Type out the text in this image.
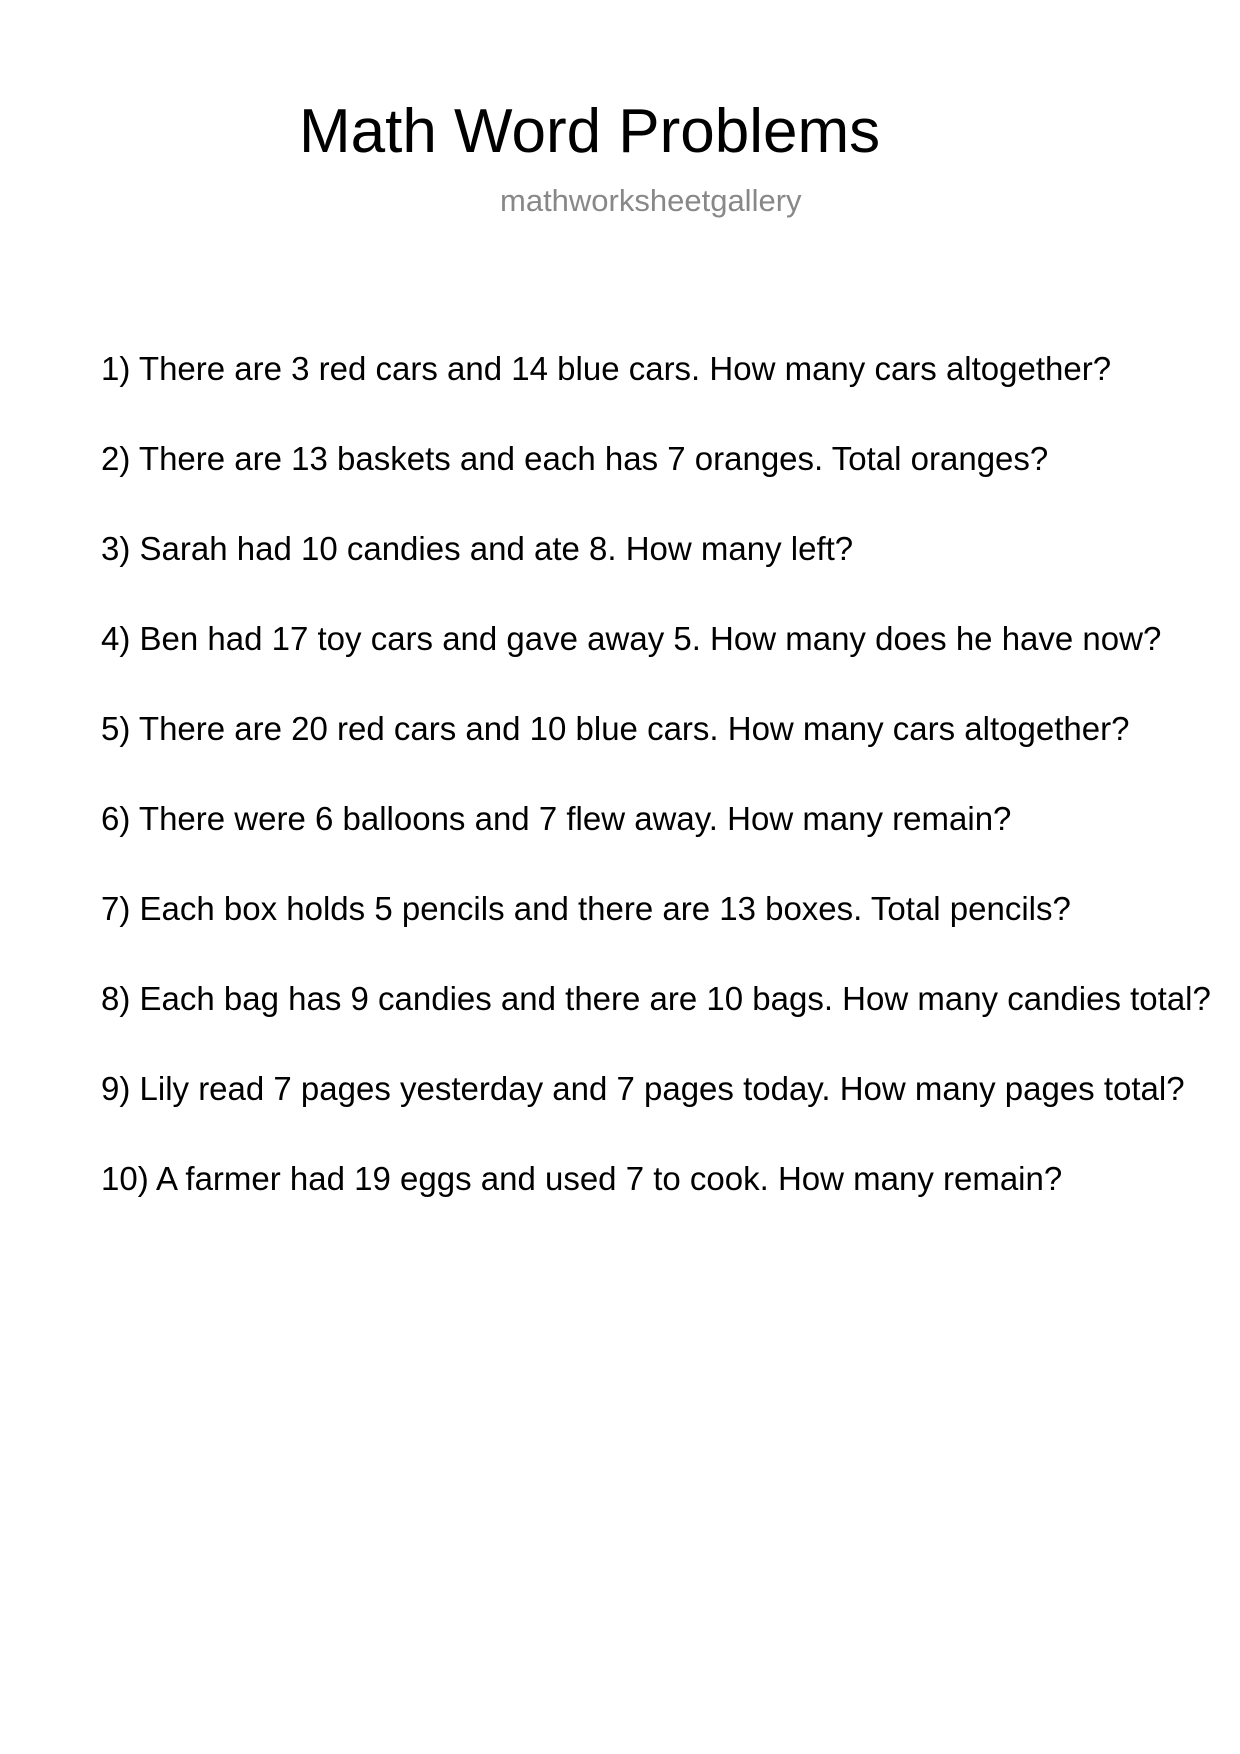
Math Word Problems
mathworksheetgallery
1) There are 3 red cars and 14 blue cars. How many cars altogether?
2) There are 13 baskets and each has 7 oranges. Total oranges?
3) Sarah had 10 candies and ate 8. How many left?
4) Ben had 17 toy cars and gave away 5. How many does he have now?
5) There are 20 red cars and 10 blue cars. How many cars altogether?
6) There were 6 balloons and 7 flew away. How many remain?
7) Each box holds 5 pencils and there are 13 boxes. Total pencils?
8) Each bag has 9 candies and there are 10 bags. How many candies total?
9) Lily read 7 pages yesterday and 7 pages today. How many pages total?
10) A farmer had 19 eggs and used 7 to cook. How many remain?
